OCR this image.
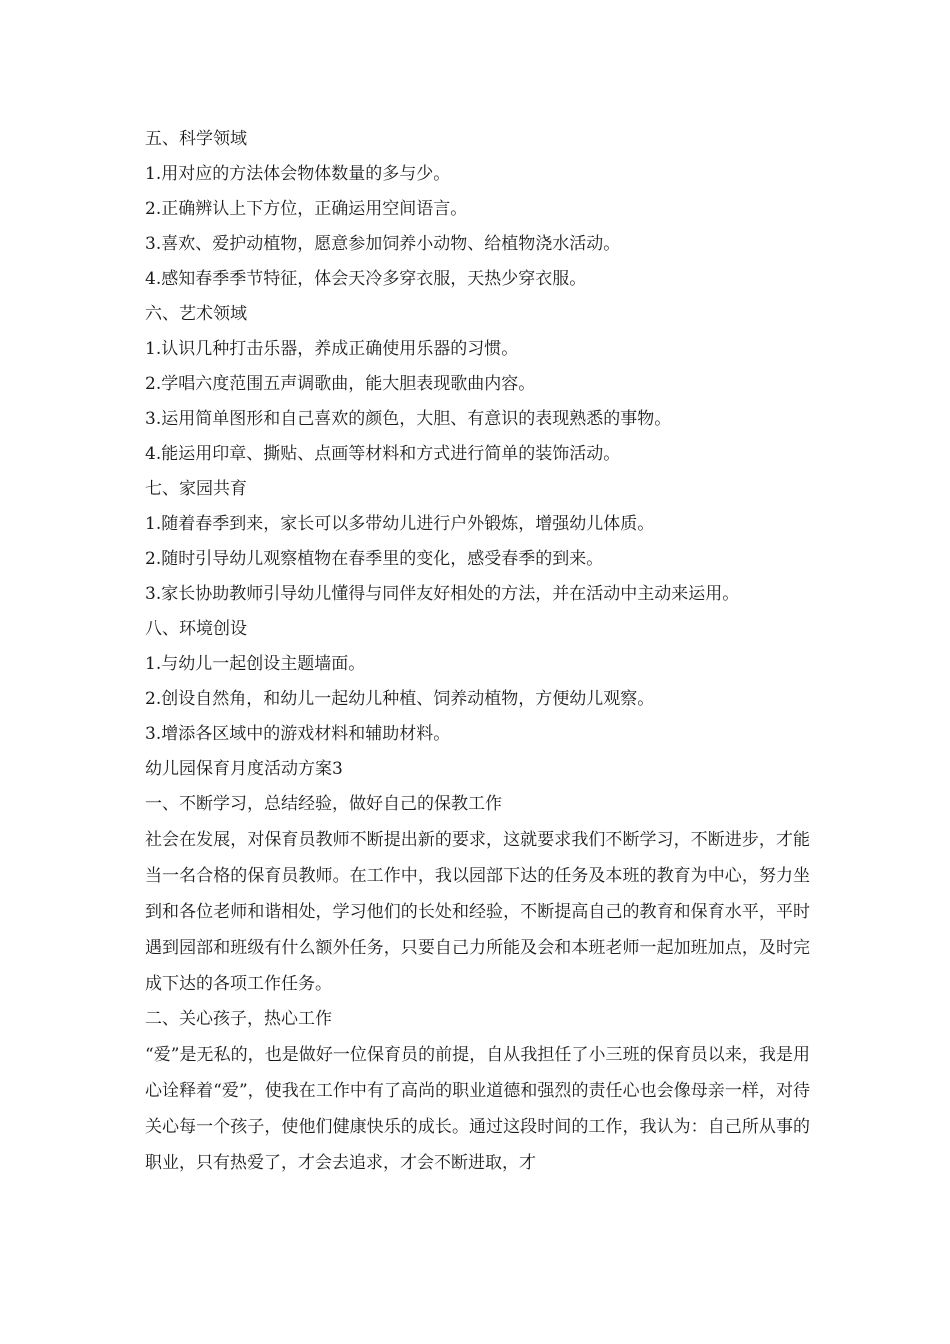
五、科学领域

1.用对应的方法体会物体数量的多与少。

2.正确辨认上下方位，正确运用空间语言。

3.喜欢、爱护动植物，愿意参加饲养小动物、给植物浇水活动。

4.感知春季季节特征，体会天冷多穿衣服，天热少穿衣服。

六、艺术领域

1.认识几种打击乐器，养成正确使用乐器的习惯。

2.学唱六度范围五声调歌曲，能大胆表现歌曲内容。

3.运用简单图形和自己喜欢的颜色，大胆、有意识的表现熟悉的事物。

4.能运用印章、撕贴、点画等材料和方式进行简单的装饰活动。

七、家园共育

1.随着春季到来，家长可以多带幼儿进行户外锻炼，增强幼儿体质。

2.随时引导幼儿观察植物在春季里的变化，感受春季的到来。

3.家长协助教师引导幼儿懂得与同伴友好相处的方法，并在活动中主动来运用。

八、环境创设

1.与幼儿一起创设主题墙面。

2.创设自然角，和幼儿一起幼儿种植、饲养动植物，方便幼儿观察。

3.增添各区域中的游戏材料和辅助材料。

幼儿园保育月度活动方案3

一、不断学习，总结经验，做好自己的保教工作

社会在发展，对保育员教师不断提出新的要求，这就要求我们不断学习，不断进步，才能当一名合格的保育员教师。在工作中，我以园部下达的任务及本班的教育为中心，努力坐到和各位老师和谐相处，学习他们的长处和经验，不断提高自己的教育和保育水平，平时遇到园部和班级有什么额外任务，只要自己力所能及会和本班老师一起加班加点，及时完成下达的各项工作任务。

二、关心孩子，热心工作

“爱”是无私的，也是做好一位保育员的前提，自从我担任了小三班的保育员以来，我是用心诠释着“爱”，使我在工作中有了高尚的职业道德和强烈的责任心也会像母亲一样，对待关心每一个孩子，使他们健康快乐的成长。通过这段时间的工作，我认为：自己所从事的职业，只有热爱了，才会去追求，才会不断进取，才
